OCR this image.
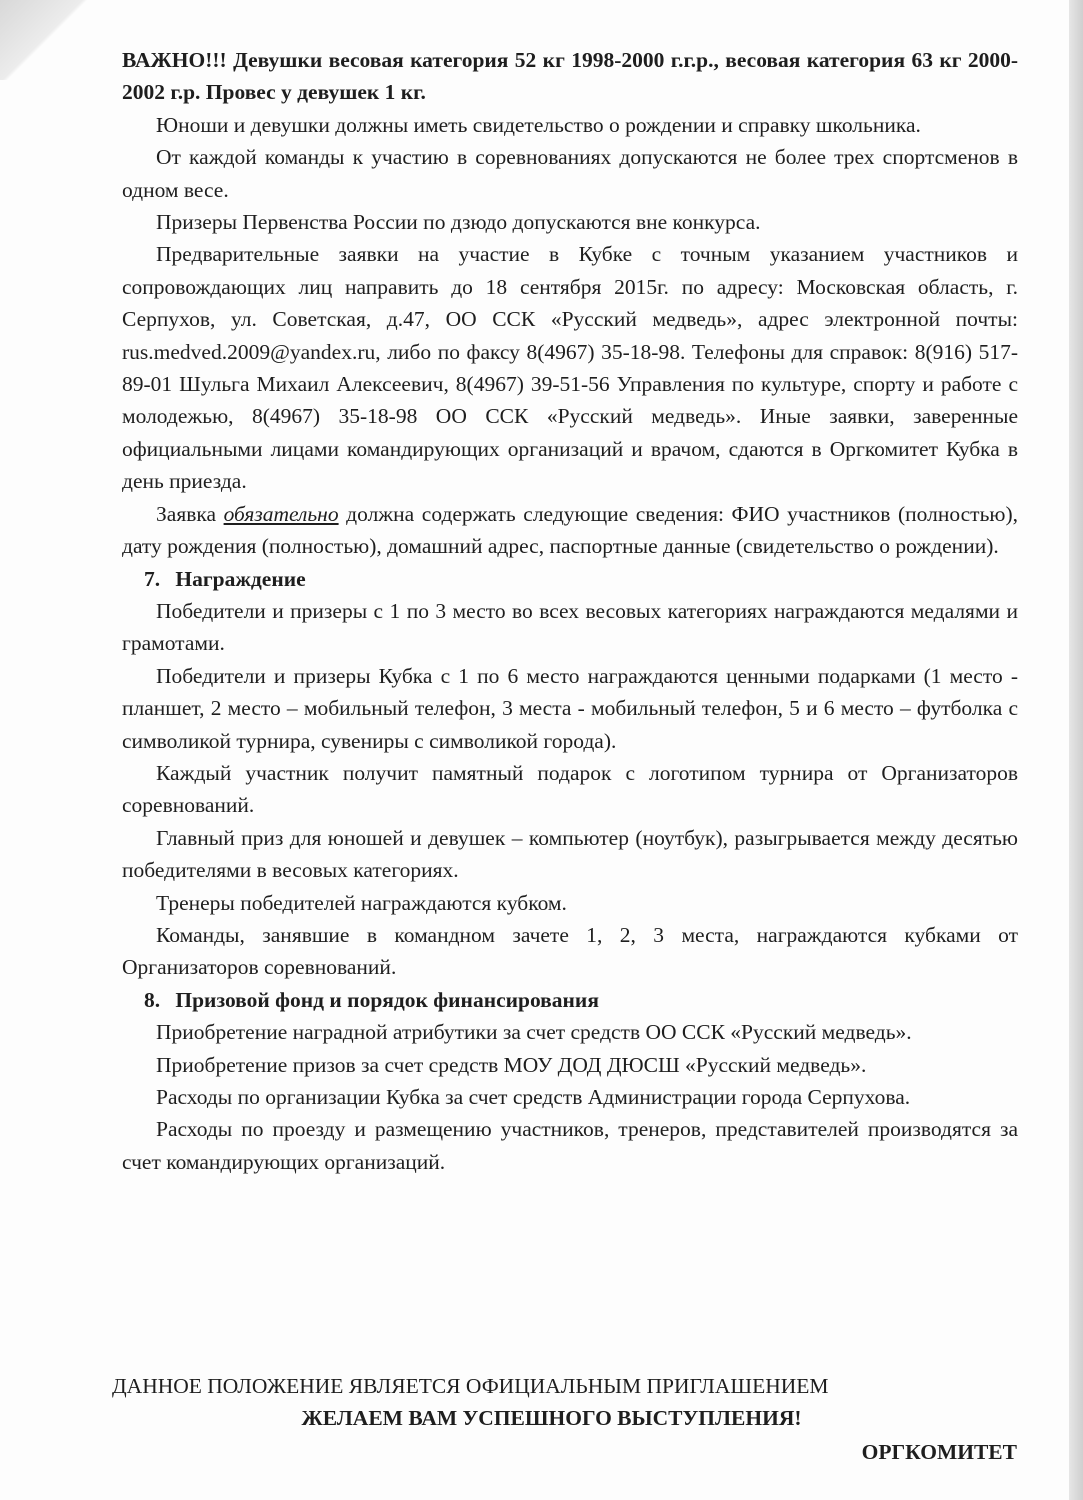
ВАЖНО!!! Девушки весовая категория 52 кг 1998-2000 г.г.р., весовая категория 63 кг 2000-2002 г.р. Провес у девушек 1 кг.

Юноши и девушки должны иметь свидетельство о рождении и справку школьника.

От каждой команды к участию в соревнованиях допускаются не более трех спортсменов в одном весе.

Призеры Первенства России по дзюдо допускаются вне конкурса.

Предварительные заявки на участие в Кубке с точным указанием участников и сопровождающих лиц направить до 18 сентября 2015г. по адресу: Московская область, г. Серпухов, ул. Советская, д.47, ОО ССК «Русский медведь», адрес электронной почты: rus.medved.2009@yandex.ru, либо по факсу 8(4967) 35-18-98. Телефоны для справок: 8(916) 517-89-01 Шульга Михаил Алексеевич, 8(4967) 39-51-56 Управления по культуре, спорту и работе с молодежью, 8(4967) 35-18-98 ОО ССК «Русский медведь». Иные заявки, заверенные официальными лицами командирующих организаций и врачом, сдаются в Оргкомитет Кубка в день приезда.

Заявка обязательно должна содержать следующие сведения: ФИО участников (полностью), дату рождения (полностью), домашний адрес, паспортные данные (свидетельство о рождении).

7. Награждение

Победители и призеры с 1 по 3 место во всех весовых категориях награждаются медалями и грамотами.

Победители и призеры Кубка с 1 по 6 место награждаются ценными подарками (1 место - планшет, 2 место – мобильный телефон, 3 места - мобильный телефон, 5 и 6 место – футболка с символикой турнира, сувениры с символикой города).

Каждый участник получит памятный подарок с логотипом турнира от Организаторов соревнований.

Главный приз для юношей и девушек – компьютер (ноутбук), разыгрывается между десятью победителями в весовых категориях.

Тренеры победителей награждаются кубком.

Команды, занявшие в командном зачете 1, 2, 3 места, награждаются кубками от Организаторов соревнований.

8. Призовой фонд и порядок финансирования

Приобретение наградной атрибутики за счет средств ОО ССК «Русский медведь».

Приобретение призов за счет средств МОУ ДОД ДЮСШ «Русский медведь».

Расходы по организации Кубка за счет средств Администрации города Серпухова.

Расходы по проезду и размещению участников, тренеров, представителей производятся за счет командирующих организаций.

ДАННОЕ ПОЛОЖЕНИЕ ЯВЛЯЕТСЯ ОФИЦИАЛЬНЫМ ПРИГЛАШЕНИЕМ
ЖЕЛАЕМ ВАМ УСПЕШНОГО ВЫСТУПЛЕНИЯ!
ОРГКОМИТЕТ
